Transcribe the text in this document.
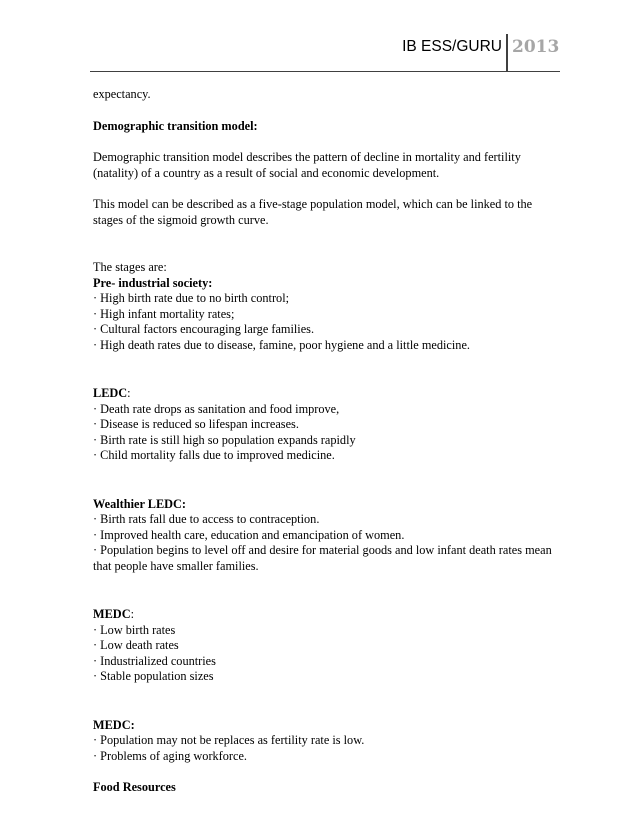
IB ESS/GURU 2013

expectancy.

Demographic transition model:

Demographic transition model describes the pattern of decline in mortality and fertility

(natality) of a country as a result of social and economic development.

This model can be described as a five-stage population model, which can be linked to the

stages of the sigmoid growth curve.

The stages are:

Pre- industrial society:

· High birth rate due to no birth control;

· High infant mortality rates;

· Cultural factors encouraging large families.

· High death rates due to disease, famine, poor hygiene and a little medicine.

LEDC:

· Death rate drops as sanitation and food improve,

· Disease is reduced so lifespan increases.

· Birth rate is still high so population expands rapidly

· Child mortality falls due to improved medicine.

Wealthier LEDC:

· Birth rats fall due to access to contraception.

· Improved health care, education and emancipation of women.

· Population begins to level off and desire for material goods and low infant death rates mean

that people have smaller families.

MEDC:

· Low birth rates

· Low death rates

· Industrialized countries

· Stable population sizes

MEDC:

· Population may not be replaces as fertility rate is low.

· Problems of aging workforce.

Food Resources
